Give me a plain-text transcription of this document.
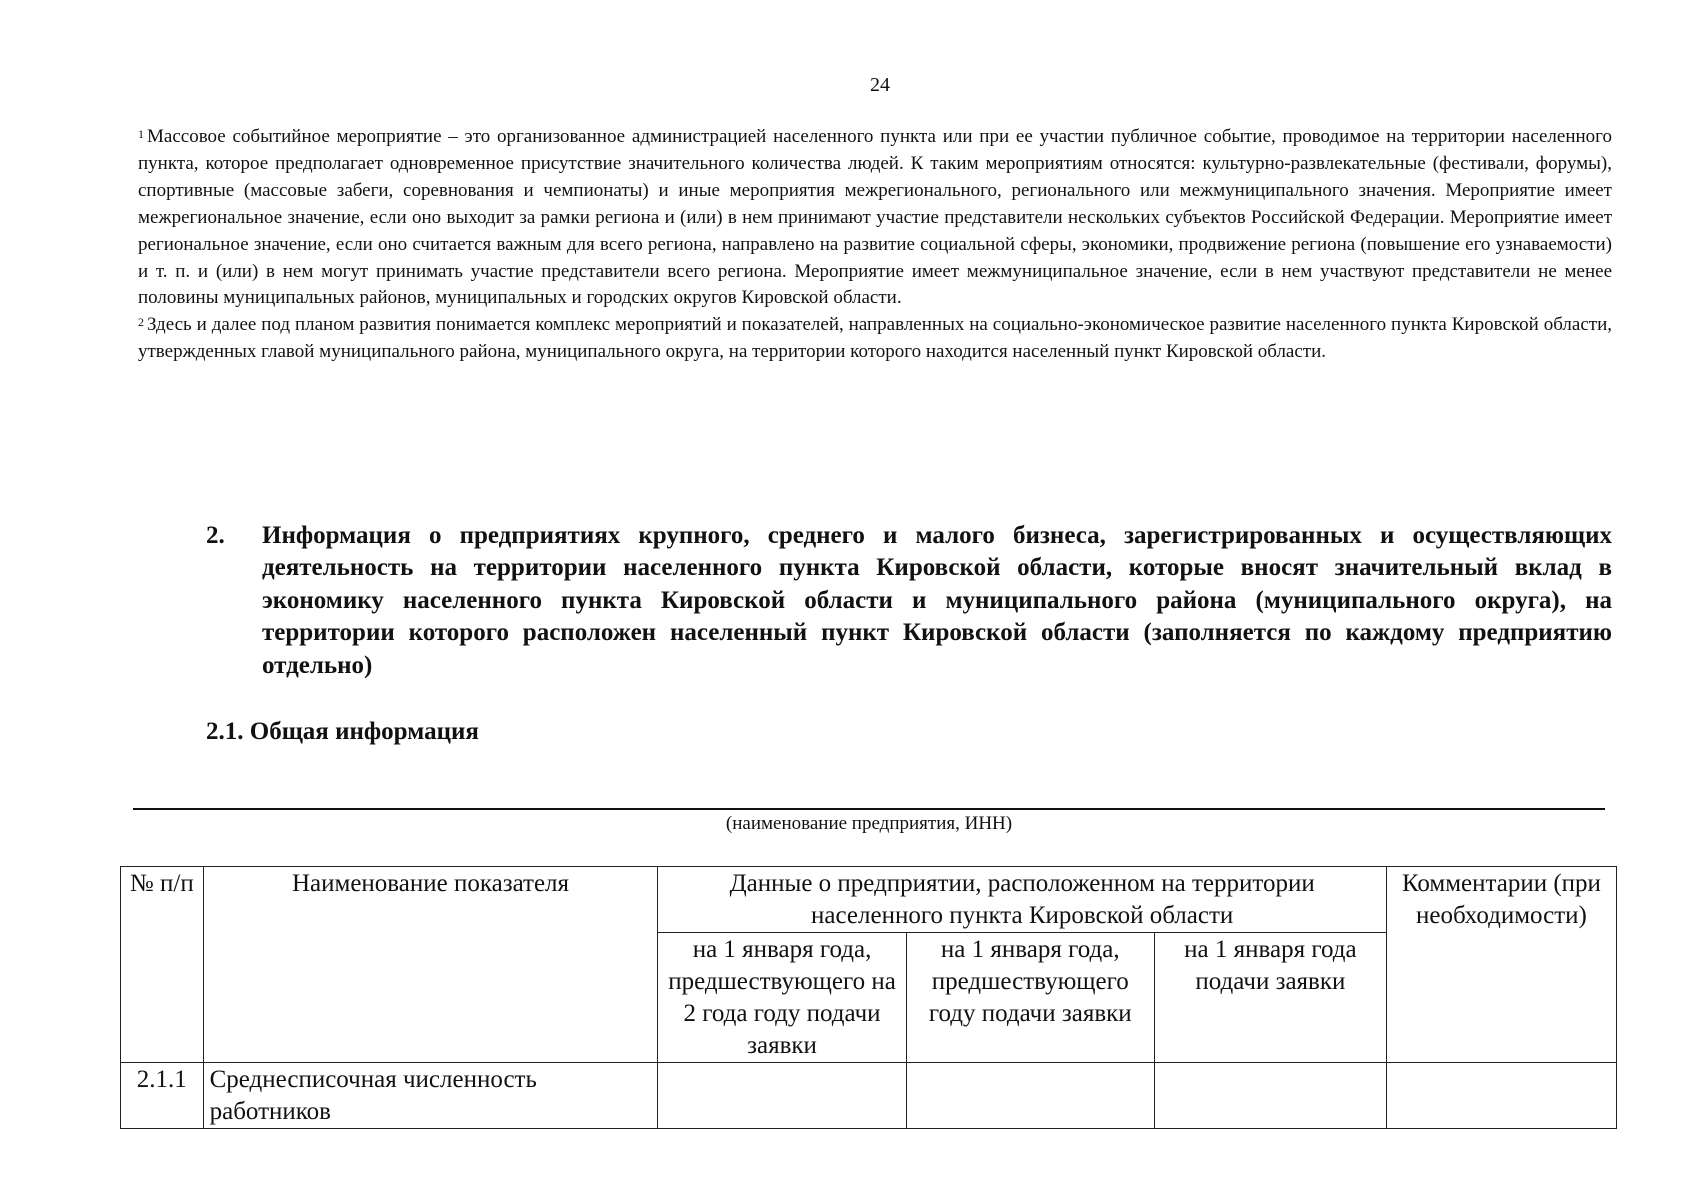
24

$^1$ Массовое событийное мероприятие – это организованное администрацией населенного пункта или при ее участии публичное событие, проводимое на территории населенного пункта, которое предполагает одновременное присутствие значительного количества людей. К таким мероприятиям относятся: культурно-развлекательные (фестивали, форумы), спортивные (массовые забеги, соревнования и чемпионаты) и иные мероприятия межрегионального, регионального или межмуниципального значения. Мероприятие имеет межрегиональное значение, если оно выходит за рамки региона и (или) в нем принимают участие представители нескольких субъектов Российской Федерации. Мероприятие имеет региональное значение, если оно считается важным для всего региона, направлено на развитие социальной сферы, экономики, продвижение региона (повышение его узнаваемости) и т. п. и (или) в нем могут принимать участие представители всего региона. Мероприятие имеет межмуниципальное значение, если в нем участвуют представители не менее половины муниципальных районов, муниципальных и городских округов Кировской области.

$^2$ Здесь и далее под планом развития понимается комплекс мероприятий и показателей, направленных на социально-экономическое развитие населенного пункта Кировской области, утвержденных главой муниципального района, муниципального округа, на территории которого находится населенный пункт Кировской области.

2.	Информация о предприятиях крупного, среднего и малого бизнеса, зарегистрированных и осуществляющих деятельность на территории населенного пункта Кировской области, которые вносят значительный вклад в экономику населенного пункта Кировской области и муниципального района (муниципального округа), на территории которого расположен населенный пункт Кировской области (заполняется по каждому предприятию отдельно)
2.1. Общая информация
(наименование предприятия, ИНН)
№ п/п	Наименование показателя	Данные о предприятии, расположенном на территории населенного пункта Кировской области			Комментарии (при необходимости)
		на 1 января года, предшествующего на 2 года году подачи заявки	на 1 января года, предшествующего году подачи заявки	на 1 января года подачи заявки	
2.1.1	Среднесписочная численность работников				
